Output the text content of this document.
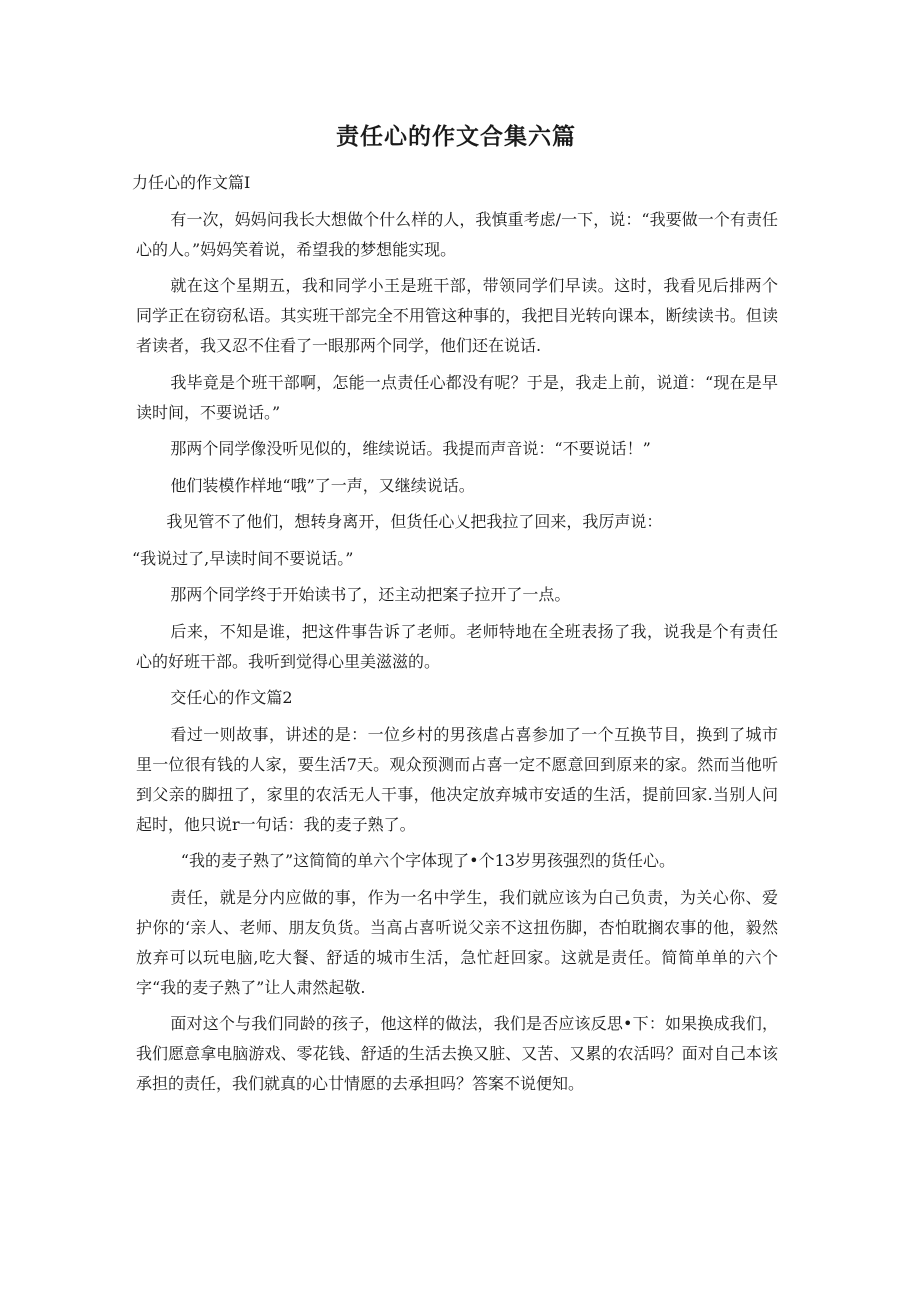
责任心的作文合集六篇

力任心的作文篇Ⅰ

有一次，妈妈问我长大想做个什么样的人，我慎重考虑/一下，说：“我要做一个有责任心的人。”妈妈笑着说，希望我的梦想能实现。

就在这个星期五，我和同学小王是班干部，带领同学们早读。这时，我看见后排两个同学正在窃窃私语。其实班干部完全不用管这种事的，我把目光转向课本，断续读书。但读者读者，我又忍不住看了一眼那两个同学，他们还在说话.

我毕竟是个班干部啊，怎能一点责任心都没有呢？于是，我走上前，说道：“现在是早读时间，不要说话。”

那两个同学像没听见似的，维续说话。我提而声音说：“不要说话！”

他们装模作样地“哦”了一声，又继续说话。

我见管不了他们，想转身离开，但货任心乂把我拉了回来，我厉声说：

“我说过了,早读时间不要说话。”

那两个同学终于开始读书了，还主动把案子拉开了一点。

后来，不知是谁，把这件事告诉了老师。老师特地在全班表扬了我，说我是个有责任心的好班干部。我听到觉得心里美滋滋的。

交任心的作文篇2

看过一则故事，讲述的是：一位乡村的男孩虐占喜参加了一个互换节目，换到了城市里一位很有钱的人家，要生活7天。观众预测而占喜一定不愿意回到原来的家。然而当他听到父亲的脚扭了，家里的农活无人干事，他决定放弃城市安适的生活，提前回家.当别人问起时，他只说r一句话：我的麦子熟了。

“我的麦子熟了”这简简的单六个字体现了•个13岁男孩强烈的货任心。

责任，就是分内应做的事，作为一名中学生，我们就应该为白己负责，为关心你、爱护你的‘亲人、老师、朋友负货。当高占喜听说父亲不这扭伤脚，杏怕耽搁农事的他，毅然放弃可以玩电脑,吃大餐、舒适的城市生活，急忙赶回家。这就是责任。简简单单的六个字“我的麦子熟了”让人肃然起敬.

面对这个与我们同龄的孩子，他这样的做法，我们是否应该反思•下：如果换成我们，我们愿意拿电脑游戏、零花钱、舒适的生活去换又脏、又苦、又累的农活吗？面对自己本该承担的责任，我们就真的心廿情愿的去承担吗？答案不说便知。
